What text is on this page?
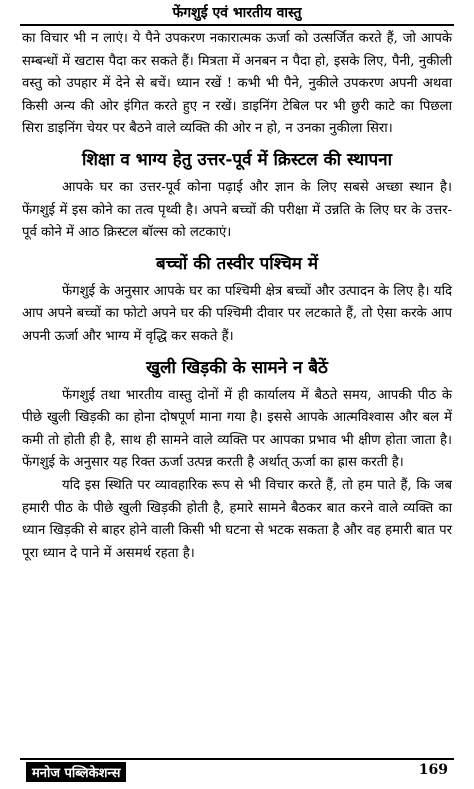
फेंगशुई एवं भारतीय वास्तु

का विचार भी न लाएं। ये पैने उपकरण नकारात्मक ऊर्जा को उत्सर्जित करते हैं, जो आपके सम्बन्धों में खटास पैदा कर सकते हैं। मित्रता में अनबन न पैदा हो, इसके लिए, पैनी, नुकीली वस्तु को उपहार में देने से बचें। ध्यान रखें ! कभी भी पैने, नुकीले उपकरण अपनी अथवा किसी अन्य की ओर इंगित करते हुए न रखें। डाइनिंग टेबिल पर भी छुरी काटे का पिछला सिरा डाइनिंग चेयर पर बैठने वाले व्यक्ति की ओर न हो, न उनका नुकीला सिरा।

शिक्षा व भाग्य हेतु उत्तर-पूर्व में क्रिस्टल की स्थापना

आपके घर का उत्तर-पूर्व कोना पढ़ाई और ज्ञान के लिए सबसे अच्छा स्थान है। फेंगशुई में इस कोने का तत्व पृथ्वी है। अपने बच्चों की परीक्षा में उन्नति के लिए घर के उत्तर-पूर्व कोने में आठ क्रिस्टल बॉल्स को लटकाएं।

बच्चों की तस्वीर पश्चिम में

फेंगशुई के अनुसार आपके घर का पश्चिमी क्षेत्र बच्चों और उत्पादन के लिए है। यदि आप अपने बच्चों का फोटो अपने घर की पश्चिमी दीवार पर लटकाते हैं, तो ऐसा करके आप अपनी ऊर्जा और भाग्य में वृद्धि कर सकते हैं।

खुली खिड़की के सामने न बैठें

फेंगशुई तथा भारतीय वास्तु दोनों में ही कार्यालय में बैठते समय, आपकी पीठ के पीछे खुली खिड़की का होना दोषपूर्ण माना गया है। इससे आपके आत्मविश्वास और बल में कमी तो होती ही है, साथ ही सामने वाले व्यक्ति पर आपका प्रभाव भी क्षीण होता जाता है। फेंगशुई के अनुसार यह रिक्त ऊर्जा उत्पन्न करती है अर्थात् ऊर्जा का ह्रास करती है।

यदि इस स्थिति पर व्यावहारिक रूप से भी विचार करते हैं, तो हम पाते हैं, कि जब हमारी पीठ के पीछे खुली खिड़की होती है, हमारे सामने बैठकर बात करने वाले व्यक्ति का ध्यान खिड़की से बाहर होने वाली किसी भी घटना से भटक सकता है और वह हमारी बात पर पूरा ध्यान दे पाने में असमर्थ रहता है।

मनोज पब्लिकेशन्स	169
